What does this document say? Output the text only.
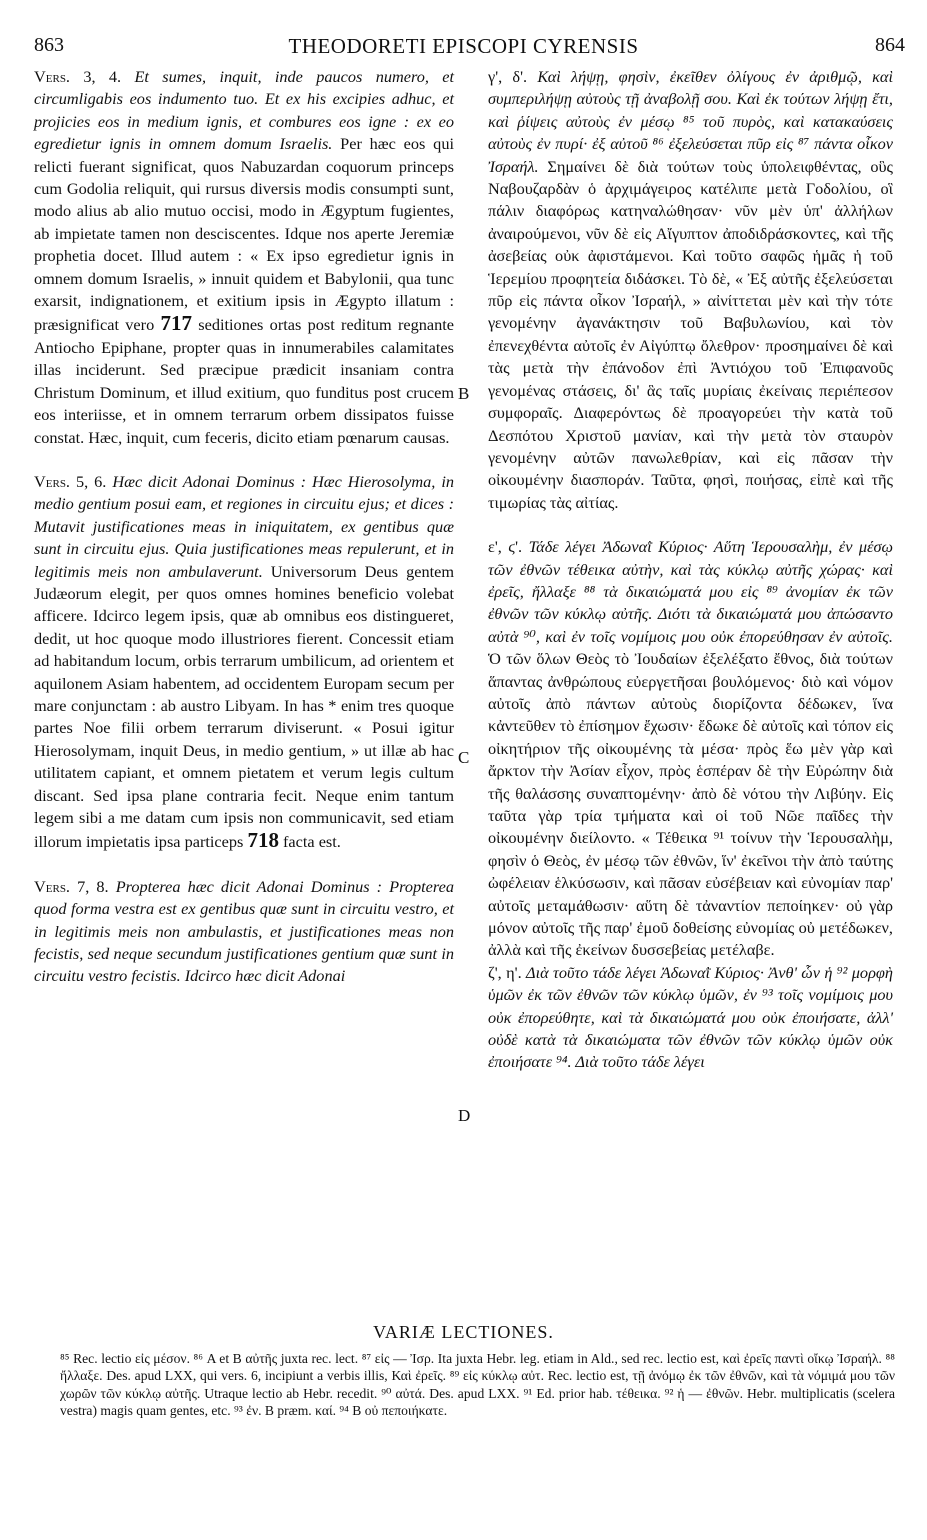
863	THEODORETI EPISCOPI CYRENSIS	864

Vers. 3, 4. Et sumes, inquit, inde paucos numero, et circumligabis eos indumento tuo. Et ex his excipies adhuc, et projicies eos in medium ignis, et combures eos igne : ex eo egredietur ignis in omnem domum Israelis. Per hæc eos qui relicti fuerant significat, quos Nabuzardan coquorum princeps cum Godolia reliquit, qui rursus diversis modis consumpti sunt, modo alius ab alio mutuo occisi, modo in Ægyptum fugientes, ab impietate tamen non desciscentes. Idque nos aperte Jeremiæ prophetia docet. Illud autem : « Ex ipso egredietur ignis in omnem domum Israelis, » innuit quidem et Babylonii, qua tunc exarsit, indignationem, et exitium ipsis in Ægypto illatum : præsignificat vero 717 seditiones ortas post reditum regnante Antiocho Epiphane, propter quas in innumerabiles calamitates illas inciderunt. Sed præcipue prædicit insaniam contra Christum Dominum, et illud exitium, quo funditus post crucem eos interiisse, et in omnem terrarum orbem dissipatos fuisse constat. Hæc, inquit, cum feceris, dicito etiam pœnarum causas.

Vers. 5, 6. Hæc dicit Adonai Dominus : Hæc Hierosolyma, in medio gentium posui eam, et regiones in circuitu ejus; et dices : Mutavit justificationes meas in iniquitatem, ex gentibus quæ sunt in circuitu ejus. Quia justificationes meas repulerunt, et in legitimis meis non ambulaverunt. Universorum Deus gentem Judæorum elegit, per quos omnes homines beneficio volebat afficere. Idcirco legem ipsis, quæ ab omnibus eos distingueret, dedit, ut hoc quoque modo illustriores fierent. Concessit etiam ad habitandum locum, orbis terrarum umbilicum, ad orientem et aquilonem Asiam habentem, ad occidentem Europam secum per mare conjunctam : ab austro Libyam. In has * enim tres quoque partes Noe filii orbem terrarum diviserunt. « Posui igitur Hierosolymam, inquit Deus, in medio gentium, » ut illæ ab hac utilitatem capiant, et omnem pietatem et verum legis cultum discant. Sed ipsa plane contraria fecit. Neque enim tantum legem sibi a me datam cum ipsis non communicavit, sed etiam illorum impietatis ipsa particeps 718 facta est.

Vers. 7, 8. Propterea hæc dicit Adonai Dominus : Propterea quod forma vestra est ex gentibus quæ sunt in circuitu vestro, et in legitimis meis non ambulastis, et justificationes meas non fecistis, sed neque secundum justificationes gentium quæ sunt in circuitu vestro fecistis. Idcirco hæc dicit Adonai

B
C
D

γ', δ'. Καὶ λήψῃ, φησὶν, ἐκεῖθεν ὀλίγους ἐν ἀριθμῷ, καὶ συμπεριλήψῃ αὐτοὺς τῇ ἀναβολῇ σου. Καὶ ἐκ τούτων λήψῃ ἔτι, καὶ ῥίψεις αὐτοὺς ἐν μέσῳ ⁸⁵ τοῦ πυρὸς, καὶ κατακαύσεις αὐτοὺς ἐν πυρί· ἐξ αὐτοῦ ⁸⁶ ἐξελεύσεται πῦρ εἰς ⁸⁷ πάντα οἶκον Ἰσραήλ. Σημαίνει δὲ διὰ τούτων τοὺς ὑπολειφθέντας, οὓς Ναβουζαρδὰν ὁ ἀρχιμάγειρος κατέλιπε μετὰ Γοδολίου, οἳ πάλιν διαφόρως κατηναλώθησαν· νῦν μὲν ὑπ' ἀλλήλων ἀναιρούμενοι, νῦν δὲ εἰς Αἴγυπτον ἀποδιδράσκοντες, καὶ τῆς ἀσεβείας οὐκ ἀφιστάμενοι. Καὶ τοῦτο σαφῶς ἡμᾶς ἡ τοῦ Ἱερεμίου προφητεία διδάσκει. Τὸ δὲ, « Ἐξ αὐτῆς ἐξελεύσεται πῦρ εἰς πάντα οἶκον Ἰσραήλ, » αἰνίττεται μὲν καὶ τὴν τότε γενομένην ἀγανάκτησιν τοῦ Βαβυλωνίου, καὶ τὸν ἐπενεχθέντα αὐτοῖς ἐν Αἰγύπτῳ ὄλεθρον· προσημαίνει δὲ καὶ τὰς μετὰ τὴν ἐπάνοδον ἐπὶ Ἀντιόχου τοῦ Ἐπιφανοῦς γενομένας στάσεις, δι' ἃς ταῖς μυρίαις ἐκείναις περιέπεσον συμφοραῖς. Διαφερόντως δὲ προαγορεύει τὴν κατὰ τοῦ Δεσπότου Χριστοῦ μανίαν, καὶ τὴν μετὰ τὸν σταυρὸν γενομένην αὐτῶν πανωλεθρίαν, καὶ εἰς πᾶσαν τὴν οἰκουμένην διασποράν. Ταῦτα, φησὶ, ποιήσας, εἰπὲ καὶ τῆς τιμωρίας τὰς αἰτίας.

ε', ϛ'. Τάδε λέγει Ἀδωναῒ Κύριος· Αὕτη Ἱερουσαλὴμ, ἐν μέσῳ τῶν ἐθνῶν τέθεικα αὐτὴν, καὶ τὰς κύκλῳ αὐτῆς χώρας· καὶ ἐρεῖς, ἤλλαξε ⁸⁸ τὰ δικαιώματά μου εἰς ⁸⁹ ἀνομίαν ἐκ τῶν ἐθνῶν τῶν κύκλῳ αὐτῆς. Διότι τὰ δικαιώματά μου ἀπώσαντο αὐτὰ ⁹⁰, καὶ ἐν τοῖς νομίμοις μου οὐκ ἐπορεύθησαν ἐν αὐτοῖς. Ὁ τῶν ὅλων Θεὸς τὸ Ἰουδαίων ἐξελέξατο ἔθνος, διὰ τούτων ἅπαντας ἀνθρώπους εὐεργετῆσαι βουλόμενος· διὸ καὶ νόμον αὐτοῖς ἀπὸ πάντων αὐτοὺς διορίζοντα δέδωκεν, ἵνα κἀντεῦθεν τὸ ἐπίσημον ἔχωσιν· ἔδωκε δὲ αὐτοῖς καὶ τόπον εἰς οἰκητήριον τῆς οἰκουμένης τὰ μέσα· πρὸς ἕω μὲν γὰρ καὶ ἄρκτον τὴν Ἀσίαν εἶχον, πρὸς ἑσπέραν δὲ τὴν Εὐρώπην διὰ τῆς θαλάσσης συναπτομένην· ἀπὸ δὲ νότου τὴν Λιβύην. Εἰς ταῦτα γὰρ τρία τμήματα καὶ οἱ τοῦ Νῶε παῖδες τὴν οἰκουμένην διείλοντο. « Τέθεικα ⁹¹ τοίνυν τὴν Ἱερουσαλὴμ, φησὶν ὁ Θεὸς, ἐν μέσῳ τῶν ἐθνῶν, ἵν' ἐκεῖνοι τὴν ἀπὸ ταύτης ὠφέλειαν ἑλκύσωσιν, καὶ πᾶσαν εὐσέβειαν καὶ εὐνομίαν παρ' αὐτοῖς μεταμάθωσιν· αὕτη δὲ τἀναντίον πεποίηκεν· οὐ γὰρ μόνον αὐτοῖς τῆς παρ' ἐμοῦ δοθείσης εὐνομίας οὐ μετέδωκεν, ἀλλὰ καὶ τῆς ἐκείνων δυσσεβείας μετέλαβε.

ζ', η'. Διὰ τοῦτο τάδε λέγει Ἀδωναῒ Κύριος· Ἀνθ' ὧν ἡ ⁹² μορφὴ ὑμῶν ἐκ τῶν ἐθνῶν τῶν κύκλῳ ὑμῶν, ἐν ⁹³ τοῖς νομίμοις μου οὐκ ἐπορεύθητε, καὶ τὰ δικαιώματά μου οὐκ ἐποιήσατε, ἀλλ' οὐδὲ κατὰ τὰ δικαιώματα τῶν ἐθνῶν τῶν κύκλῳ ὑμῶν οὐκ ἐποιήσατε ⁹⁴. Διὰ τοῦτο τάδε λέγει

VARIÆ LECTIONES.

⁸⁵ Rec. lectio εἰς μέσον. ⁸⁶ A et B αὐτῆς juxta rec. lect. ⁸⁷ εἰς — Ἰσρ. Ita juxta Hebr. leg. etiam in Ald., sed rec. lectio est, καὶ ἐρεῖς παντὶ οἴκῳ Ἰσραήλ. ⁸⁸ ἤλλαξε. Des. apud LXX, qui vers. 6, incipiunt a verbis illis, Καὶ ἐρεῖς. ⁸⁹ εἰς κύκλῳ αὐτ. Rec. lectio est, τῇ ἀνόμῳ ἐκ τῶν ἐθνῶν, καὶ τὰ νόμιμά μου τῶν χωρῶν τῶν κύκλῳ αὐτῆς. Utraque lectio ab Hebr. recedit. ⁹⁰ αὐτά. Des. apud LXX. ⁹¹ Ed. prior hab. τέθεικα. ⁹² ἡ — ἐθνῶν. Hebr. multiplicatis (scelera vestra) magis quam gentes, etc. ⁹³ ἐν. B præm. καί. ⁹⁴ B οὐ πεποιήκατε.
